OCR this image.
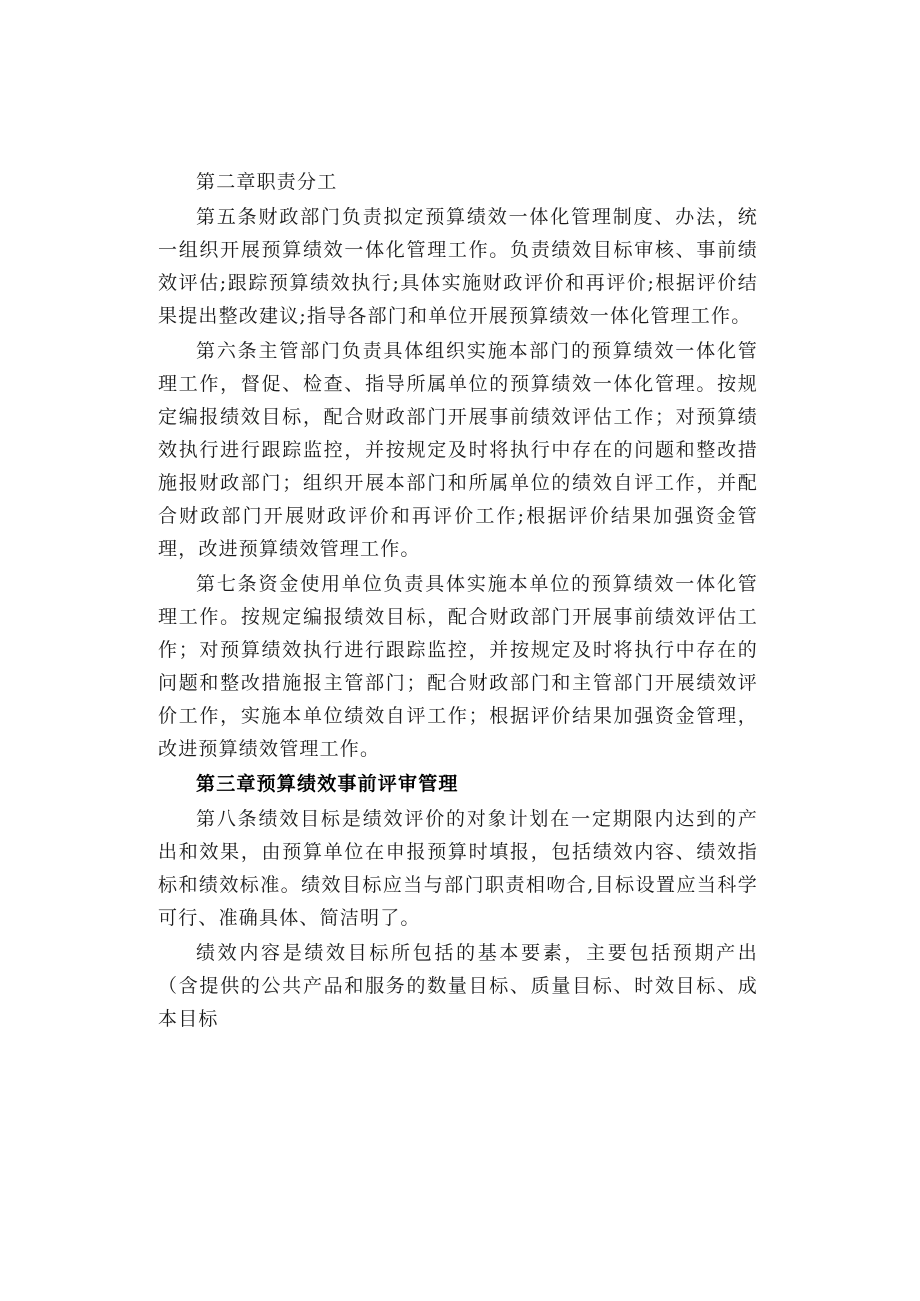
第二章职责分工

第五条财政部门负责拟定预算绩效一体化管理制度、办法，统一组织开展预算绩效一体化管理工作。负责绩效目标审核、事前绩效评估;跟踪预算绩效执行;具体实施财政评价和再评价;根据评价结果提出整改建议;指导各部门和单位开展预算绩效一体化管理工作。

第六条主管部门负责具体组织实施本部门的预算绩效一体化管理工作，督促、检查、指导所属单位的预算绩效一体化管理。按规定编报绩效目标，配合财政部门开展事前绩效评估工作；对预算绩效执行进行跟踪监控，并按规定及时将执行中存在的问题和整改措施报财政部门；组织开展本部门和所属单位的绩效自评工作，并配合财政部门开展财政评价和再评价工作;根据评价结果加强资金管理，改进预算绩效管理工作。

第七条资金使用单位负责具体实施本单位的预算绩效一体化管理工作。按规定编报绩效目标，配合财政部门开展事前绩效评估工作；对预算绩效执行进行跟踪监控，并按规定及时将执行中存在的问题和整改措施报主管部门；配合财政部门和主管部门开展绩效评价工作，实施本单位绩效自评工作；根据评价结果加强资金管理，改进预算绩效管理工作。

第三章预算绩效事前评审管理

第八条绩效目标是绩效评价的对象计划在一定期限内达到的产出和效果，由预算单位在申报预算时填报，包括绩效内容、绩效指标和绩效标准。绩效目标应当与部门职责相吻合,目标设置应当科学可行、准确具体、简洁明了。

绩效内容是绩效目标所包括的基本要素，主要包括预期产出（含提供的公共产品和服务的数量目标、质量目标、时效目标、成本目标
